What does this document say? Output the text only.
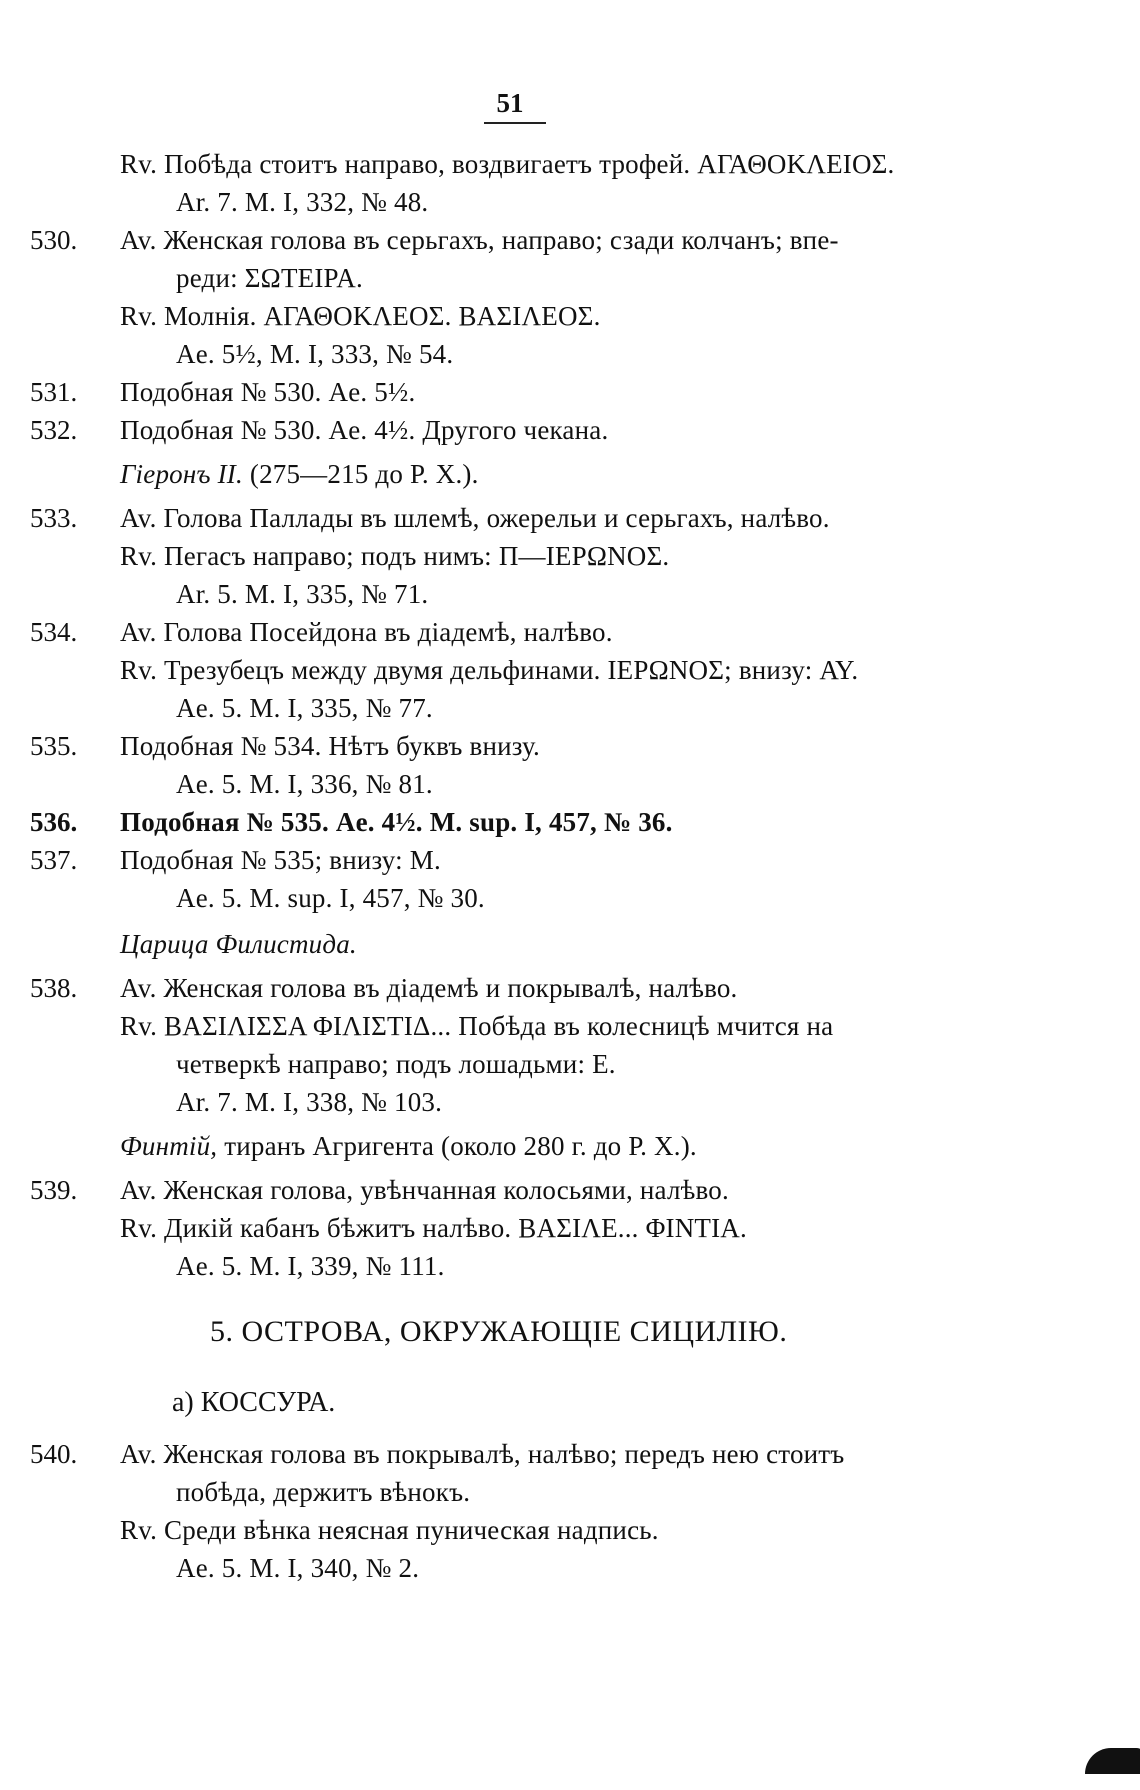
51
Rv. Побѣда стоитъ направо, воздвигаетъ трофей. ΑΓΑΘΟΚΛΕΙΟΣ.
Ar. 7. M. I, 332, № 48.
530.	Av. Женская голова въ серьгахъ, направо; сзади колчанъ; впе-
реди: ΣΩΤΕΙΡΑ.
Rv. Молнія. ΑΓΑΘΟΚΛΕΟΣ. ΒΑΣΙΛΕΟΣ.
Ae. 5½, M. I, 333, № 54.
531.	Подобная № 530. Ae. 5½.
532.	Подобная № 530. Ae. 4½. Другого чекана.
Гіеронъ II. (275—215 до Р. Х.).
533.	Av. Голова Паллады въ шлемѣ, ожерельи и серьгахъ, налѣво.
Rv. Пегасъ направо; подъ нимъ: Π—ΙΕΡΩΝΟΣ.
Ar. 5. M. I, 335, № 71.
534.	Av. Голова Посейдона въ діадемѣ, налѣво.
Rv. Трезубецъ между двумя дельфинами. ΙΕΡΩΝΟΣ; внизу: ΑΥ.
Ae. 5. M. I, 335, № 77.
535.	Подобная № 534. Нѣтъ буквъ внизу.
Ae. 5. M. I, 336, № 81.
536.	Подобная № 535. Ae. 4½. M. sup. I, 457, № 36.
537.	Подобная № 535; внизу: M.
Ae. 5. M. sup. I, 457, № 30.
Царица Филистида.
538.	Av. Женская голова въ діадемѣ и покрывалѣ, налѣво.
Rv. ΒΑΣΙΛΙΣΣΑ ΦΙΛΙΣΤΙΔ... Побѣда въ колесницѣ мчится на
четверкѣ направо; подъ лошадьми: E.
Ar. 7. M. I, 338, № 103.
Финтій, тиранъ Агригента (около 280 г. до Р. Х.).
539.	Av. Женская голова, увѣнчанная колосьями, налѣво.
Rv. Дикій кабанъ бѣжитъ налѣво. ΒΑΣΙΛΕ... ΦΙΝΤΙΑ.
Ae. 5. M. I, 339, № 111.
5. ОСТРОВА, ОКРУЖАЮЩІЕ СИЦИЛІЮ.
а) КОССУРА.
540.	Av. Женская голова въ покрывалѣ, налѣво; передъ нею стоитъ
побѣда, держитъ вѣнокъ.
Rv. Среди вѣнка неясная пуническая надпись.
Ae. 5. M. I, 340, № 2.
